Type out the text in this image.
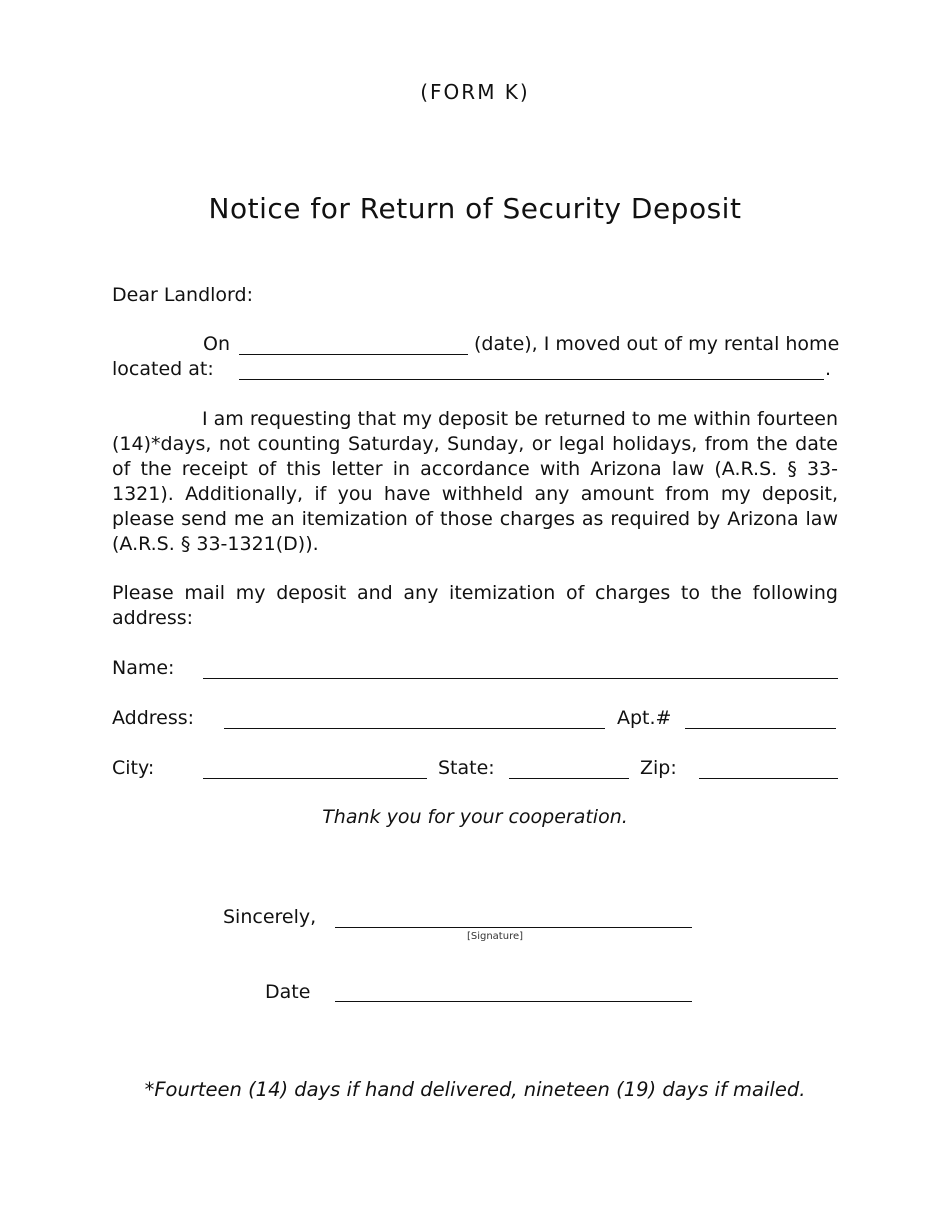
(FORM K)
Notice for Return of Security Deposit
Dear Landlord:
On	(date), I moved out of my rental home
located at:	.
I am requesting that my deposit be returned to me within fourteen (14)*days, not counting Saturday, Sunday, or legal holidays, from the date of the receipt of this letter in accordance with Arizona law (A.R.S. § 33-1321). Additionally, if you have withheld any amount from my deposit, please send me an itemization of those charges as required by Arizona law (A.R.S. § 33-1321(D)).
Please mail my deposit and any itemization of charges to the following address:
Name:
Address:	Apt.#
City:	State:	Zip:
Thank you for your cooperation.
Sincerely,
[Signature]
Date
*Fourteen (14) days if hand delivered, nineteen (19) days if mailed.
